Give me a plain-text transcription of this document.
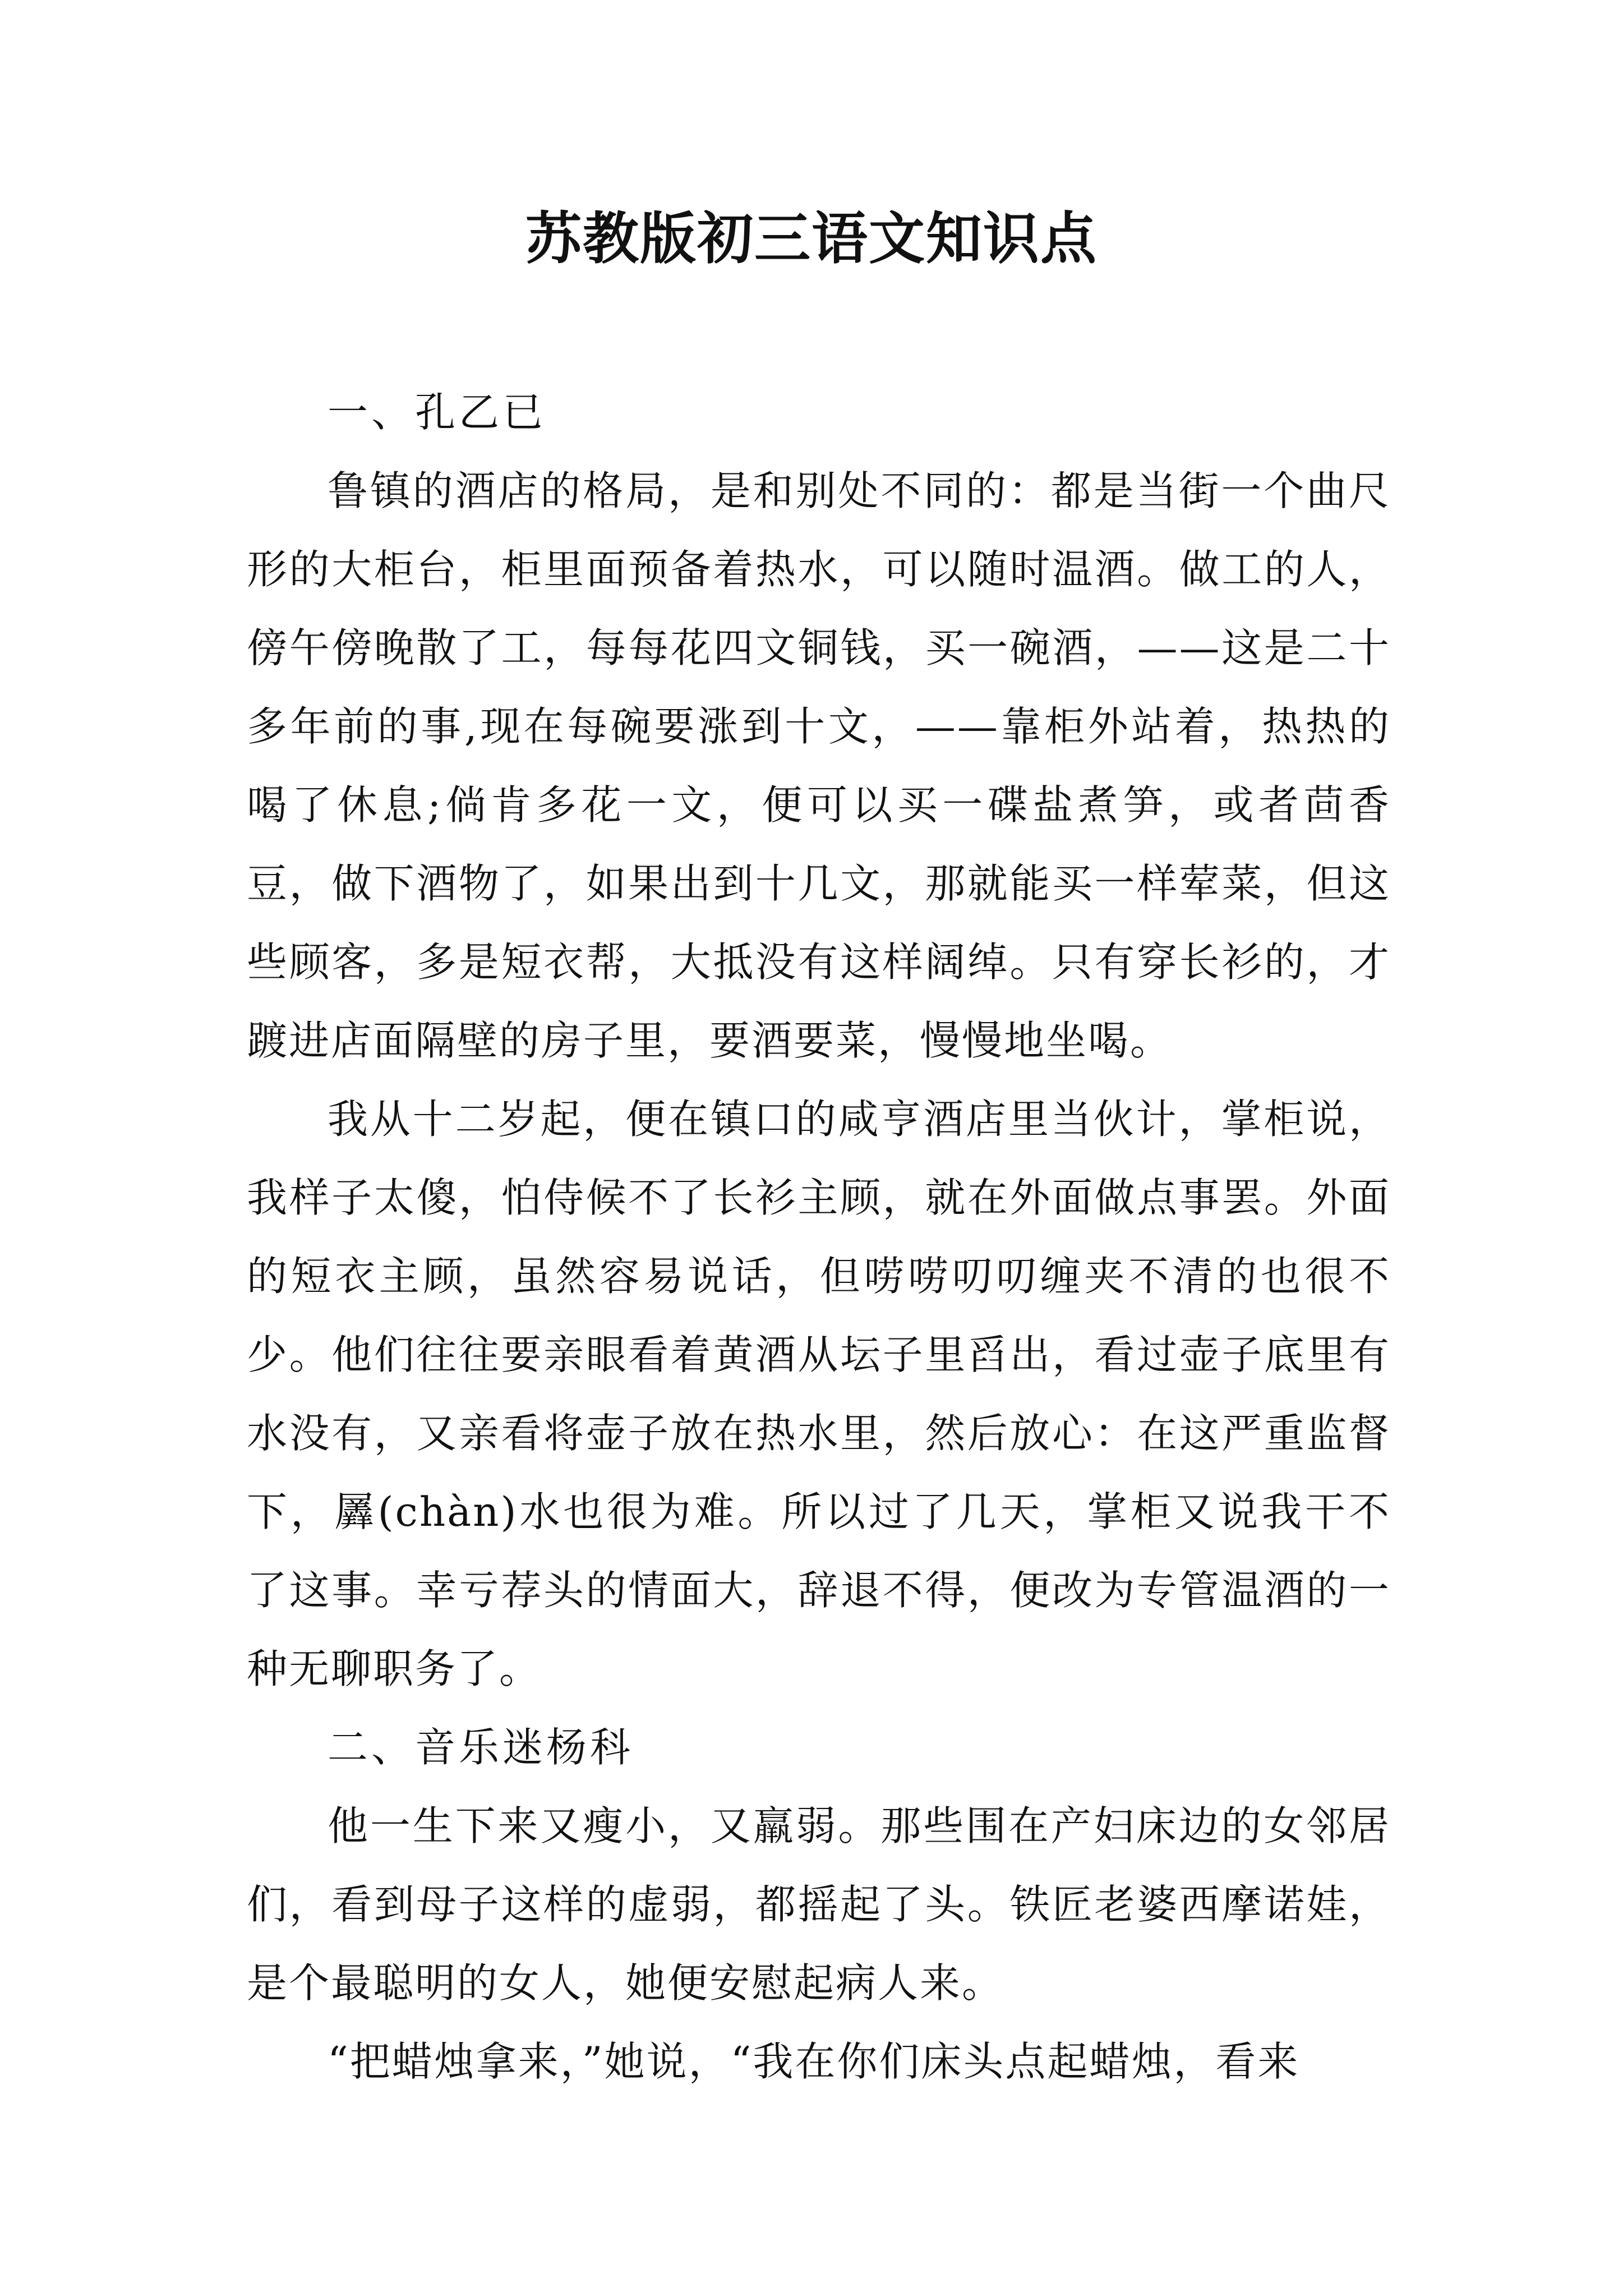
苏教版初三语文知识点

一、孔乙已

鲁镇的酒店的格局，是和别处不同的：都是当街一个曲尺形的大柜台，柜里面预备着热水，可以随时温酒。做工的人，傍午傍晚散了工，每每花四文铜钱，买一碗酒，——这是二十多年前的事,现在每碗要涨到十文，——靠柜外站着，热热的喝了休息;倘肯多花一文，便可以买一碟盐煮笋，或者茴香豆，做下酒物了，如果出到十几文，那就能买一样荤菜，但这些顾客，多是短衣帮，大抵没有这样阔绰。只有穿长衫的，才踱进店面隔壁的房子里，要酒要菜，慢慢地坐喝。

我从十二岁起，便在镇口的咸亨酒店里当伙计，掌柜说，我样子太傻，怕侍候不了长衫主顾，就在外面做点事罢。外面的短衣主顾，虽然容易说话，但唠唠叨叨缠夹不清的也很不少。他们往往要亲眼看着黄酒从坛子里舀出，看过壶子底里有水没有，又亲看将壶子放在热水里，然后放心：在这严重监督下，羼(chàn)水也很为难。所以过了几天，掌柜又说我干不了这事。幸亏荐头的情面大，辞退不得，便改为专管温酒的一种无聊职务了。

二、音乐迷杨科

他一生下来又瘦小，又羸弱。那些围在产妇床边的女邻居们，看到母子这样的虚弱，都摇起了头。铁匠老婆西摩诺娃，是个最聪明的女人，她便安慰起病人来。

“把蜡烛拿来，”她说，“我在你们床头点起蜡烛，看来
